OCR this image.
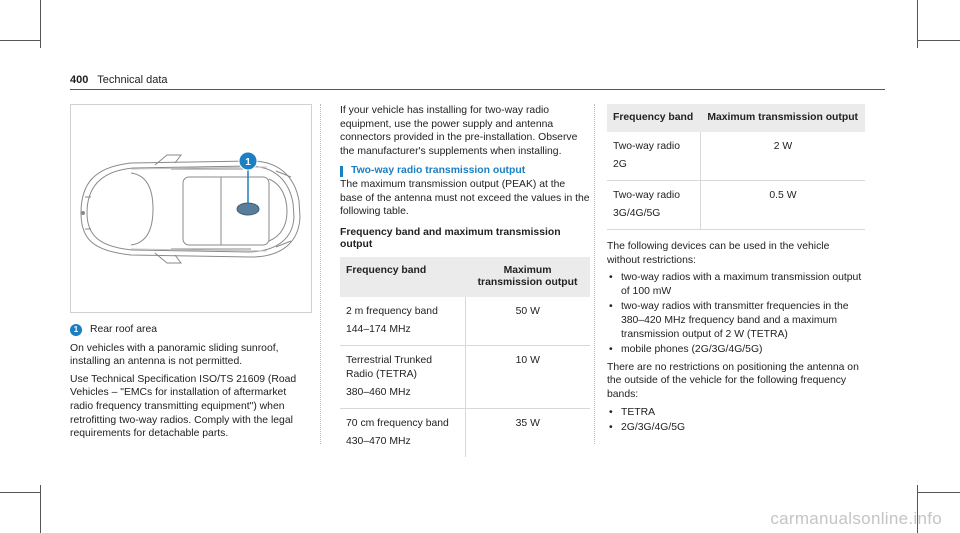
400 Technical data
1
1	Rear roof area

On vehicles with a panoramic sliding sunroof, installing an antenna is not permitted.

Use Technical Specification ISO/TS 21609 (Road Vehicles – "EMCs for installation of aftermarket radio frequency transmitting equipment") when retrofitting two-way radios. Comply with the legal requirements for detachable parts.

If your vehicle has installing for two-way radio equipment, use the power supply and antenna connectors provided in the pre-installation. Observe the manufacturer's supplements when installing.

Two-way radio transmission output

The maximum transmission output (PEAK) at the base of the antenna must not exceed the values in the following table.

Frequency band and maximum transmission output
Frequency band	Maximum transmission output

2 m frequency band
144–174 MHz	50 W

Terrestrial Trunked Radio (TETRA)
380–460 MHz	10 W

70 cm frequency band
430–470 MHz	35 W
Frequency band	Maximum transmission output

Two-way radio
2G	2 W

Two-way radio
3G/4G/5G	0.5 W

The following devices can be used in the vehicle without restrictions:

• two-way radios with a maximum transmission output of 100 mW
• two-way radios with transmitter frequencies in the 380–420 MHz frequency band and a maximum transmission output of 2 W (TETRA)
• mobile phones (2G/3G/4G/5G)

There are no restrictions on positioning the antenna on the outside of the vehicle for the following frequency bands:

• TETRA
• 2G/3G/4G/5G
carmanualsonline.info
